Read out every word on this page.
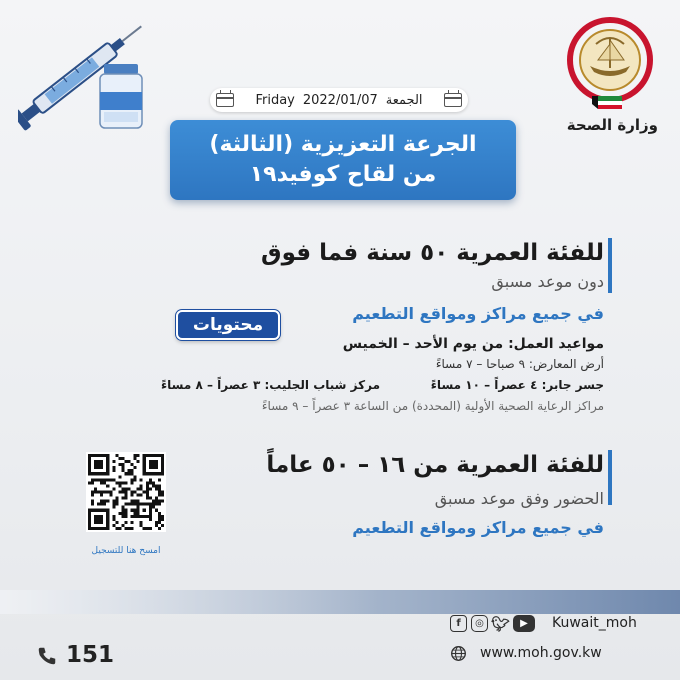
وزارة الصحة
Friday 2022/01/07 الجمعة
الجرعة التعزيزية (الثالثة)
من لقاح كوفيد١٩
للفئة العمرية ٥٠ سنة فما فوق
دون موعد مسبق
في جميع مراكز ومواقع التطعيم
محتويات
مواعيد العمل: من يوم الأحد – الخميس
أرض المعارض: ٩ صباحا – ٧ مساءً
جسر جابر: ٤ عصراً – ١٠ مساءً
مركز شباب الجليب: ٣ عصراً – ٨ مساءً
مراكز الرعاية الصحية الأولية (المحددة) من الساعة ٣ عصراً – ٩ مساءً
للفئة العمرية من ١٦ – ٥٠ عاماً
الحضور وفق موعد مسبق
في جميع مراكز ومواقع التطعيم
امسح هنا للتسجيل
f	◎ 🐦︎	▶	Kuwait_moh
www.moh.gov.kw
151
